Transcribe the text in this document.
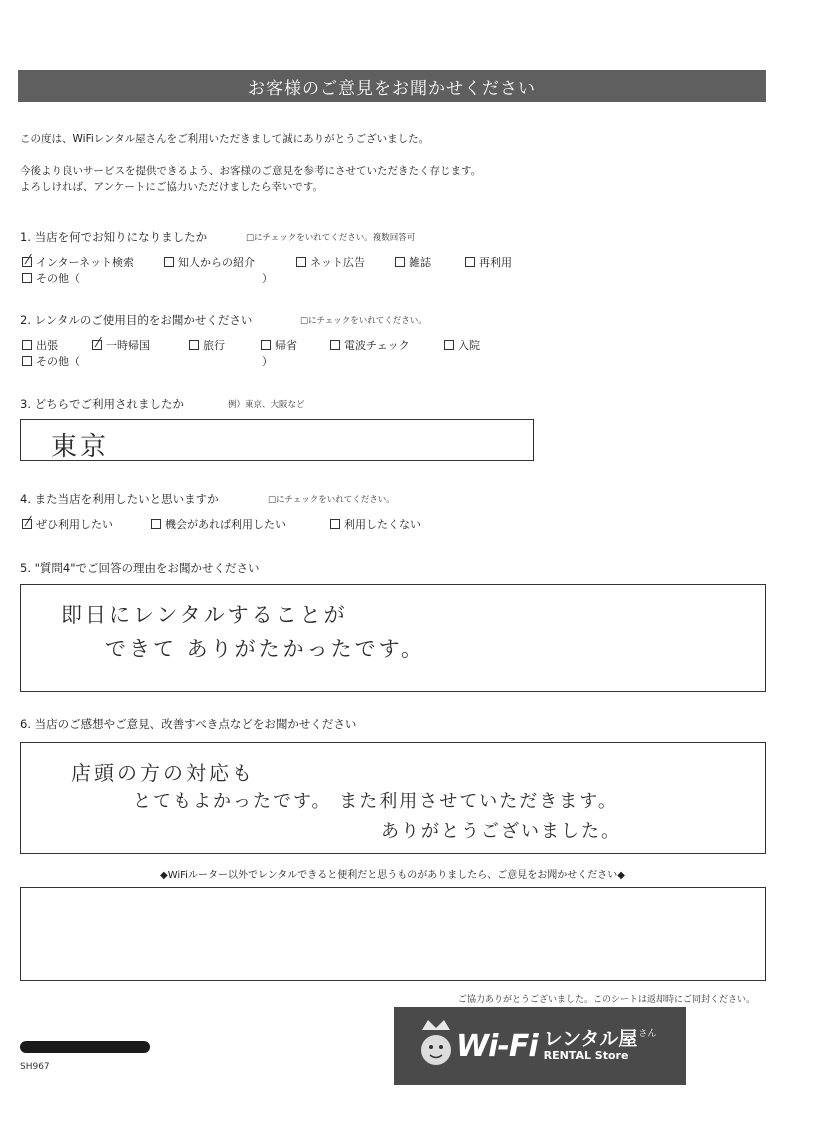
お客様のご意見をお聞かせください
この度は、WiFiレンタル屋さんをご利用いただきまして誠にありがとうございました。
今後より良いサービスを提供できるよう、お客様のご意見を参考にさせていただきたく存じます。
よろしければ、アンケートにご協力いただけましたら幸いです。
1. 当店を何でお知りになりましたか	□にチェックをいれてください。複数回答可
インターネット検索	知人からの紹介	ネット広告	雑誌	再利用
その他（	）
2. レンタルのご使用目的をお聞かせください	□にチェックをいれてください。
出張	一時帰国	旅行	帰省	電波チェック	入院
その他（	）
3. どちらでご利用されましたか	例）東京、大阪など
東京
4. また当店を利用したいと思いますか	□にチェックをいれてください。
ぜひ利用したい	機会があれば利用したい	利用したくない
5. "質問4"でご回答の理由をお聞かせください
即日にレンタルすることが
できて ありがたかったです。
6. 当店のご感想やご意見、改善すべき点などをお聞かせください
店頭の方の対応も
とてもよかったです。 また利用させていただきます。
ありがとうございました。
◆WiFiルーター以外でレンタルできると便利だと思うものがありましたら、ご意見をお聞かせください◆
ご協力ありがとうございました。このシートは返却時にご同封ください。
SH967
Wi-Fi レンタル屋 さん
RENTAL Store
